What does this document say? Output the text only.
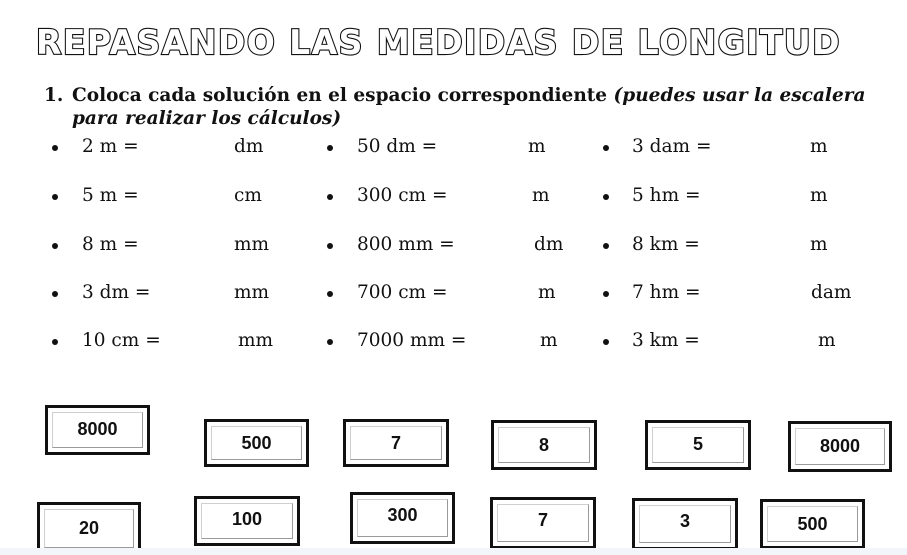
REPASANDO LAS MEDIDAS DE LONGITUD
1. Coloca cada solución en el espacio correspondiente (puedes usar la escalera
para realizar los cálculos)
2 m =	dm	50 dm =	m	3 dam =	m
5 m =	cm	300 cm =	m	5 hm =	m
8 m =	mm	800 mm =	dm	8 km =	m
3 dm =	mm	700 cm =	m	7 hm =	dam
10 cm =	mm	7000 mm =	m	3 km =	m
8000
500	7	8	5	8000
20	100	300	7	3	500
